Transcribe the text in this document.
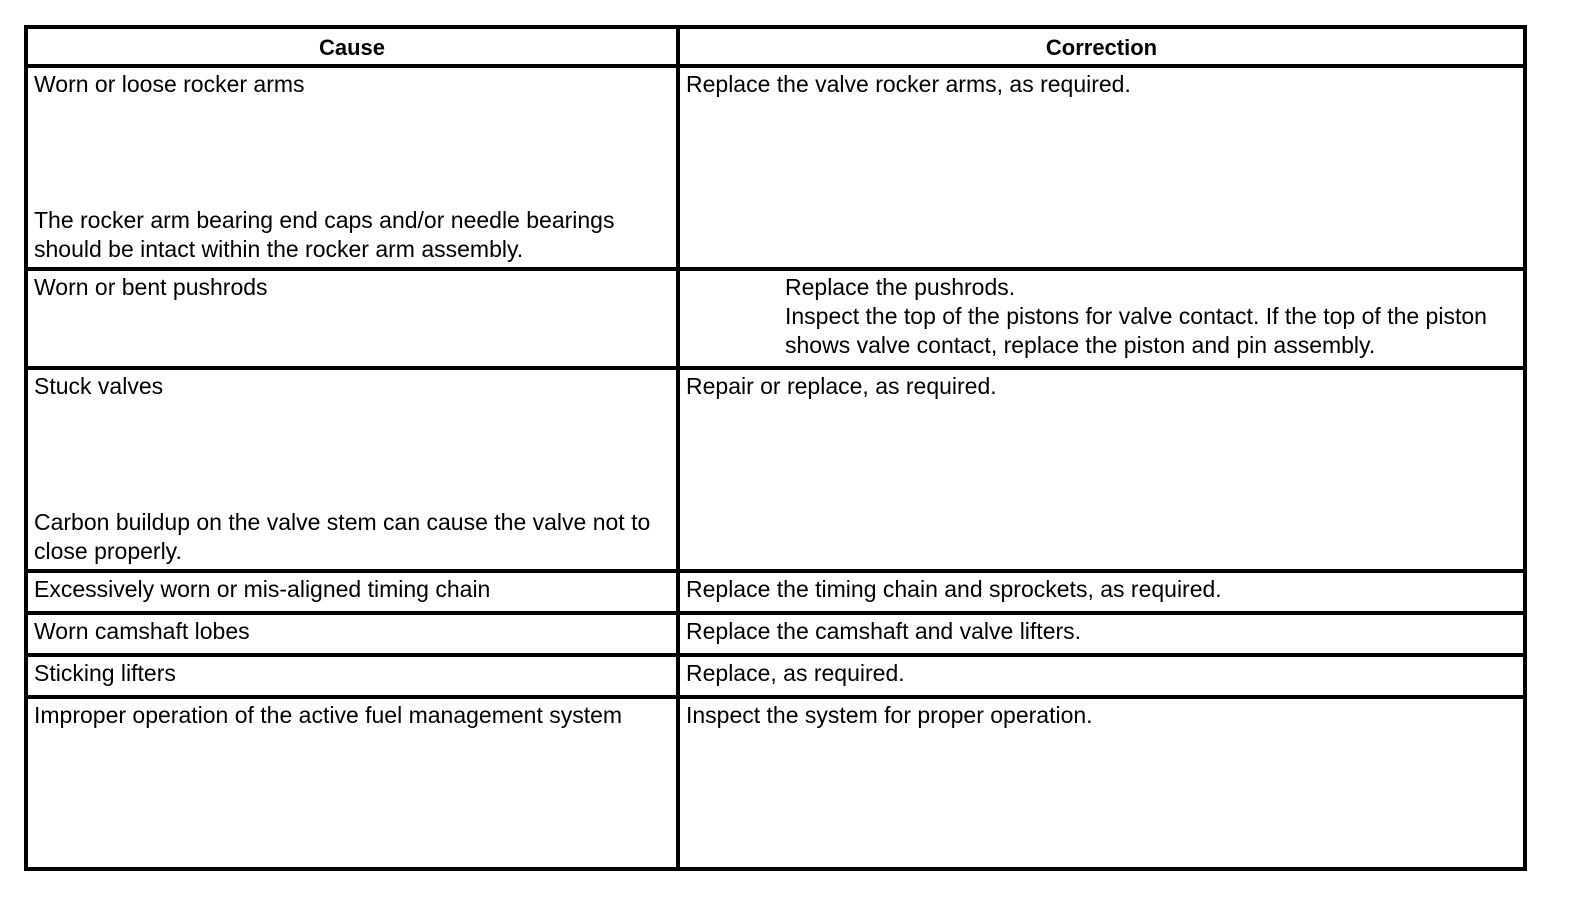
Cause	Correction

Worn or loose rocker arms
The rocker arm bearing end caps and/or needle bearings should be intact within the rocker arm assembly.	Replace the valve rocker arms, as required.

Worn or bent pushrods	Replace the pushrods.
Inspect the top of the pistons for valve contact. If the top of the piston shows valve contact, replace the piston and pin assembly.

Stuck valves
Carbon buildup on the valve stem can cause the valve not to close properly.	Repair or replace, as required.

Excessively worn or mis-aligned timing chain	Replace the timing chain and sprockets, as required.
Worn camshaft lobes	Replace the camshaft and valve lifters.
Sticking lifters	Replace, as required.
Improper operation of the active fuel management system	Inspect the system for proper operation.
